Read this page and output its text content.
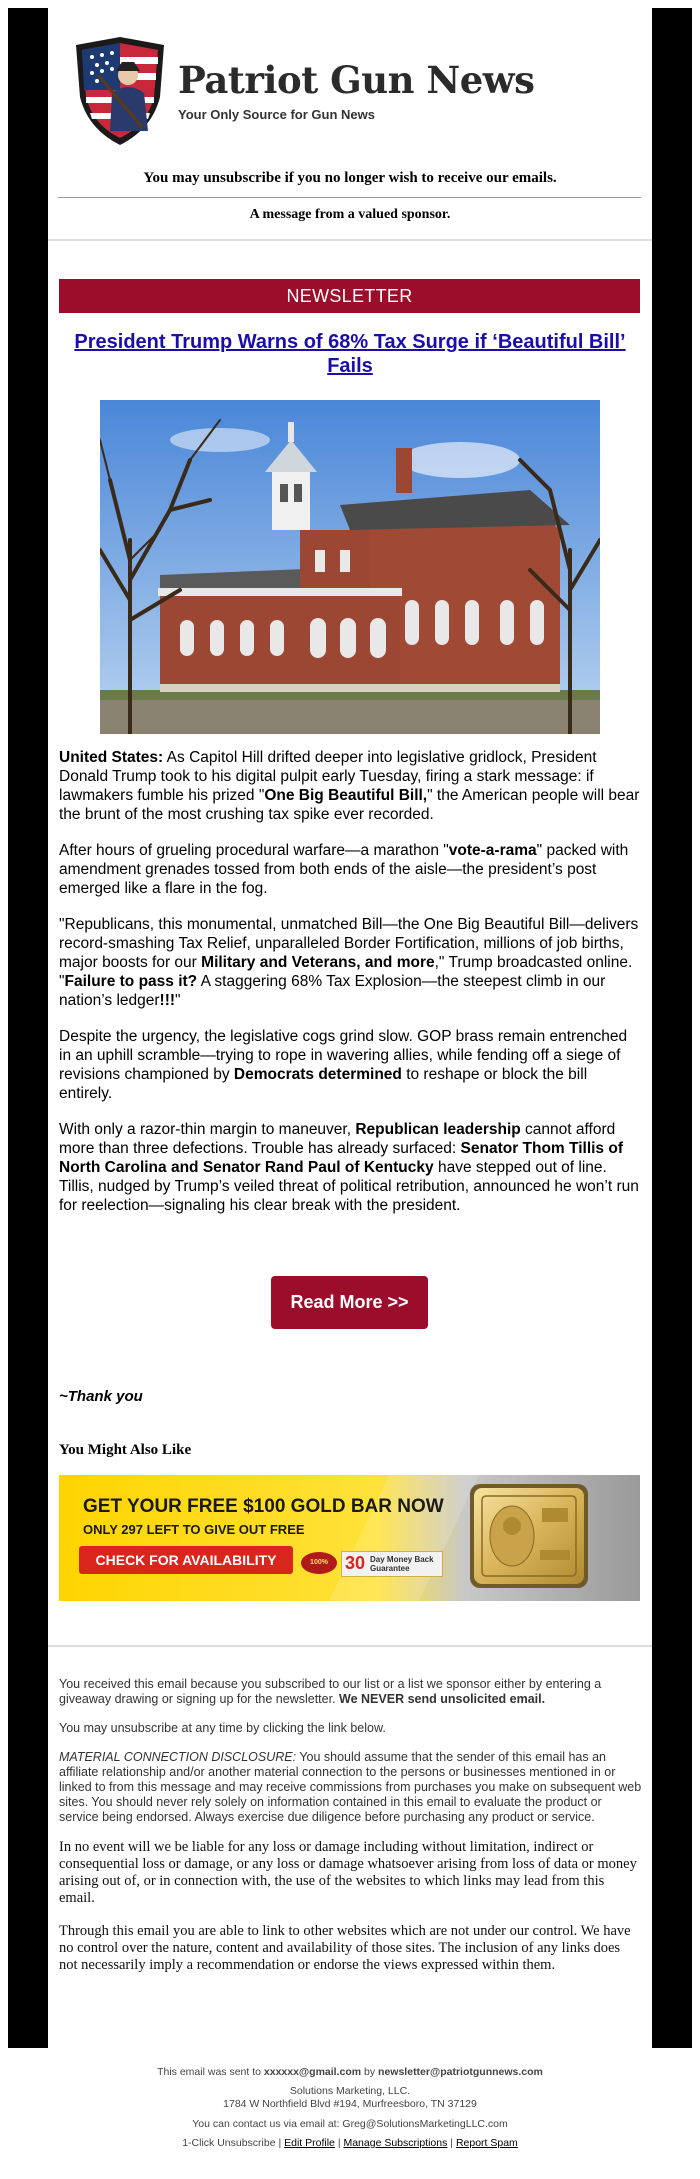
Patriot Gun News
Your Only Source for Gun News
You may unsubscribe if you no longer wish to receive our emails.
A message from a valued sponsor.
NEWSLETTER
President Trump Warns of 68% Tax Surge if ‘Beautiful Bill’ Fails

United States: As Capitol Hill drifted deeper into legislative gridlock, President Donald Trump took to his digital pulpit early Tuesday, firing a stark message: if lawmakers fumble his prized "One Big Beautiful Bill," the American people will bear the brunt of the most crushing tax spike ever recorded.

After hours of grueling procedural warfare—a marathon "vote-a-rama" packed with amendment grenades tossed from both ends of the aisle—the president’s post emerged like a flare in the fog.

"Republicans, this monumental, unmatched Bill—the One Big Beautiful Bill—delivers record-smashing Tax Relief, unparalleled Border Fortification, millions of job births, major boosts for our Military and Veterans, and more," Trump broadcasted online. "Failure to pass it? A staggering 68% Tax Explosion—the steepest climb in our nation’s ledger!!!"

Despite the urgency, the legislative cogs grind slow. GOP brass remain entrenched in an uphill scramble—trying to rope in wavering allies, while fending off a siege of revisions championed by Democrats determined to reshape or block the bill entirely.

With only a razor-thin margin to maneuver, Republican leadership cannot afford more than three defections. Trouble has already surfaced: Senator Thom Tillis of North Carolina and Senator Rand Paul of Kentucky have stepped out of line. Tillis, nudged by Trump’s veiled threat of political retribution, announced he won’t run for reelection—signaling his clear break with the president.

Read More >>
~Thank you
You Might Also Like
GET YOUR FREE $100 GOLD BAR NOW
ONLY 297 LEFT TO GIVE OUT FREE
CHECK FOR AVAILABILITY	100% 30 Day Money Back
Guarantee

You received this email because you subscribed to our list or a list we sponsor either by entering a giveaway drawing or signing up for the newsletter. We NEVER send unsolicited email.

You may unsubscribe at any time by clicking the link below.

MATERIAL CONNECTION DISCLOSURE: You should assume that the sender of this email has an affiliate relationship and/or another material connection to the persons or businesses mentioned in or linked to from this message and may receive commissions from purchases you make on subsequent web sites. You should never rely solely on information contained in this email to evaluate the product or service being endorsed. Always exercise due diligence before purchasing any product or service.

In no event will we be liable for any loss or damage including without limitation, indirect or consequential loss or damage, or any loss or damage whatsoever arising from loss of data or money arising out of, or in connection with, the use of the websites to which links may lead from this email.

Through this email you are able to link to other websites which are not under our control. We have no control over the nature, content and availability of those sites. The inclusion of any links does not necessarily imply a recommendation or endorse the views expressed within them.

This email was sent to xxxxxx@gmail.com by newsletter@patriotgunnews.com
Solutions Marketing, LLC.
1784 W Northfield Blvd #194, Murfreesboro, TN 37129
You can contact us via email at: Greg@SolutionsMarketingLLC.com
1-Click Unsubscribe | Edit Profile | Manage Subscriptions | Report Spam
